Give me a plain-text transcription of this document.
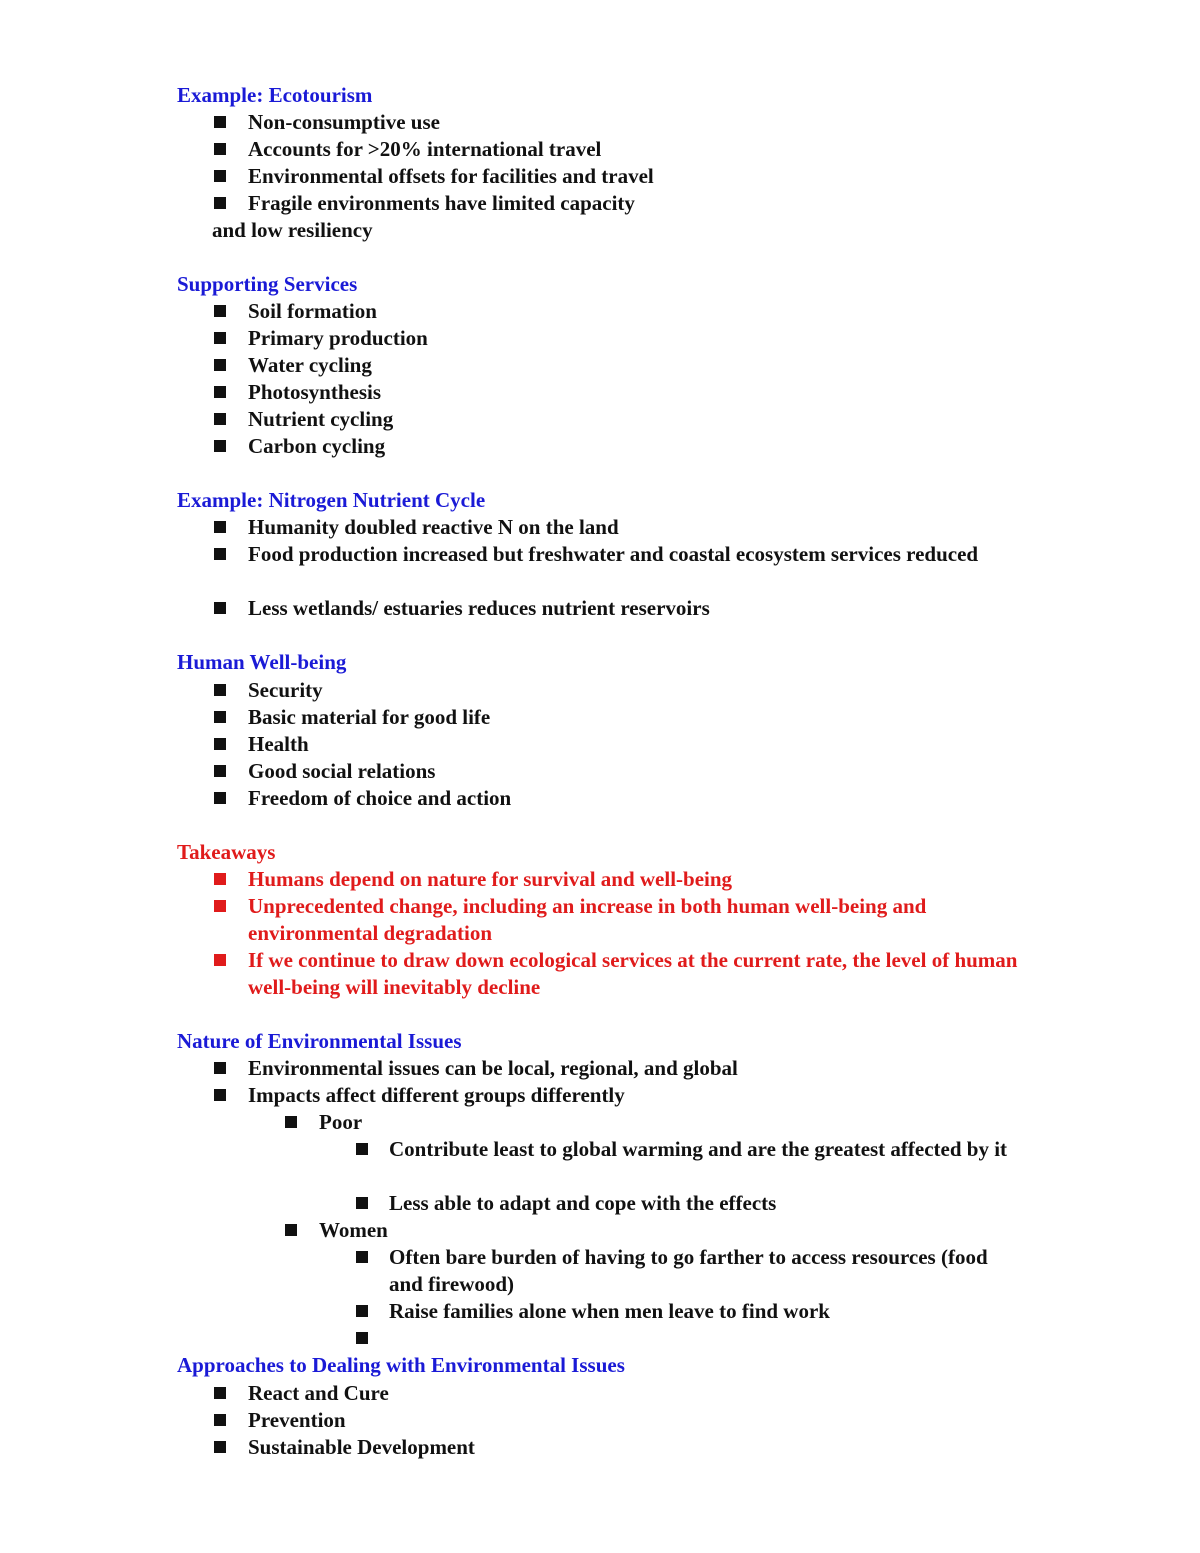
Example: Ecotourism
Non-consumptive use
Accounts for >20% international travel
Environmental offsets for facilities and travel
Fragile environments have limited capacity
and low resiliency
Supporting Services
Soil formation
Primary production
Water cycling
Photosynthesis
Nutrient cycling
Carbon cycling
Example: Nitrogen Nutrient Cycle
Humanity doubled reactive N on the land
Food production increased but freshwater and coastal ecosystem services reduced
Less wetlands/ estuaries reduces nutrient reservoirs
Human Well-being
Security
Basic material for good life
Health
Good social relations
Freedom of choice and action
Takeaways
Humans depend on nature for survival and well-being
Unprecedented change, including an increase in both human well-being and environmental degradation
If we continue to draw down ecological services at the current rate, the level of human well-being will inevitably decline
Nature of Environmental Issues
Environmental issues can be local, regional, and global
Impacts affect different groups differently
Poor
Contribute least to global warming and are the greatest affected by it
Less able to adapt and cope with the effects
Women
Often bare burden of having to go farther to access resources (food and firewood)
Raise families alone when men leave to find work
Approaches to Dealing with Environmental Issues
React and Cure
Prevention
Sustainable Development
